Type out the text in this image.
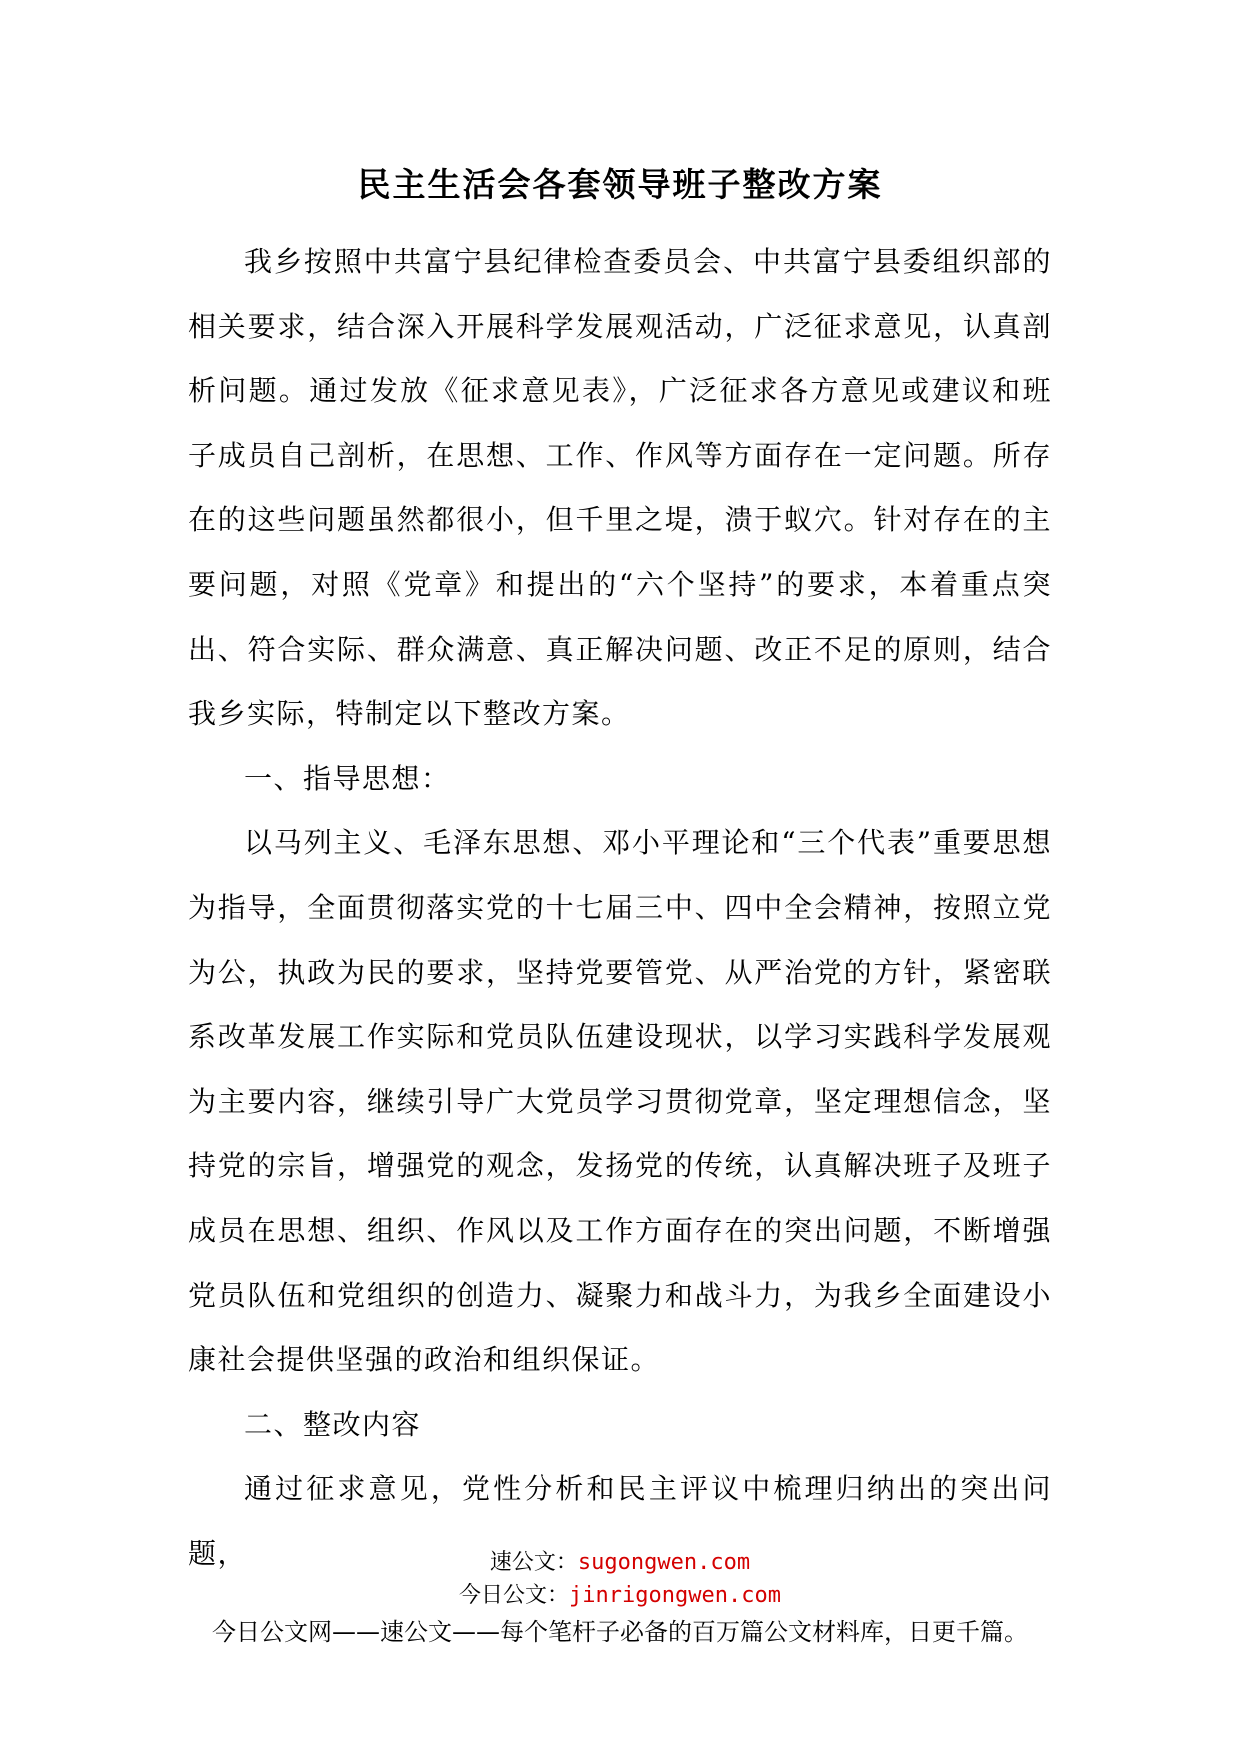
民主生活会各套领导班子整改方案

我乡按照中共富宁县纪律检查委员会、中共富宁县委组织部的相关要求，结合深入开展科学发展观活动，广泛征求意见，认真剖析问题。通过发放《征求意见表》，广泛征求各方意见或建议和班子成员自己剖析，在思想、工作、作风等方面存在一定问题。所存在的这些问题虽然都很小，但千里之堤，溃于蚁穴。针对存在的主要问题，对照《党章》和提出的“六个坚持”的要求，本着重点突出、符合实际、群众满意、真正解决问题、改正不足的原则，结合我乡实际，特制定以下整改方案。

一、指导思想：

以马列主义、毛泽东思想、邓小平理论和“三个代表”重要思想为指导，全面贯彻落实党的十七届三中、四中全会精神，按照立党为公，执政为民的要求，坚持党要管党、从严治党的方针，紧密联系改革发展工作实际和党员队伍建设现状，以学习实践科学发展观为主要内容，继续引导广大党员学习贯彻党章，坚定理想信念，坚持党的宗旨，增强党的观念，发扬党的传统，认真解决班子及班子成员在思想、组织、作风以及工作方面存在的突出问题，不断增强党员队伍和党组织的创造力、凝聚力和战斗力，为我乡全面建设小康社会提供坚强的政治和组织保证。

二、整改内容

通过征求意见，党性分析和民主评议中梳理归纳出的突出问题，	速公文：sugongwen.com

今日公文：jinrigongwen.com

今日公文网——速公文——每个笔杆子必备的百万篇公文材料库，日更千篇。
